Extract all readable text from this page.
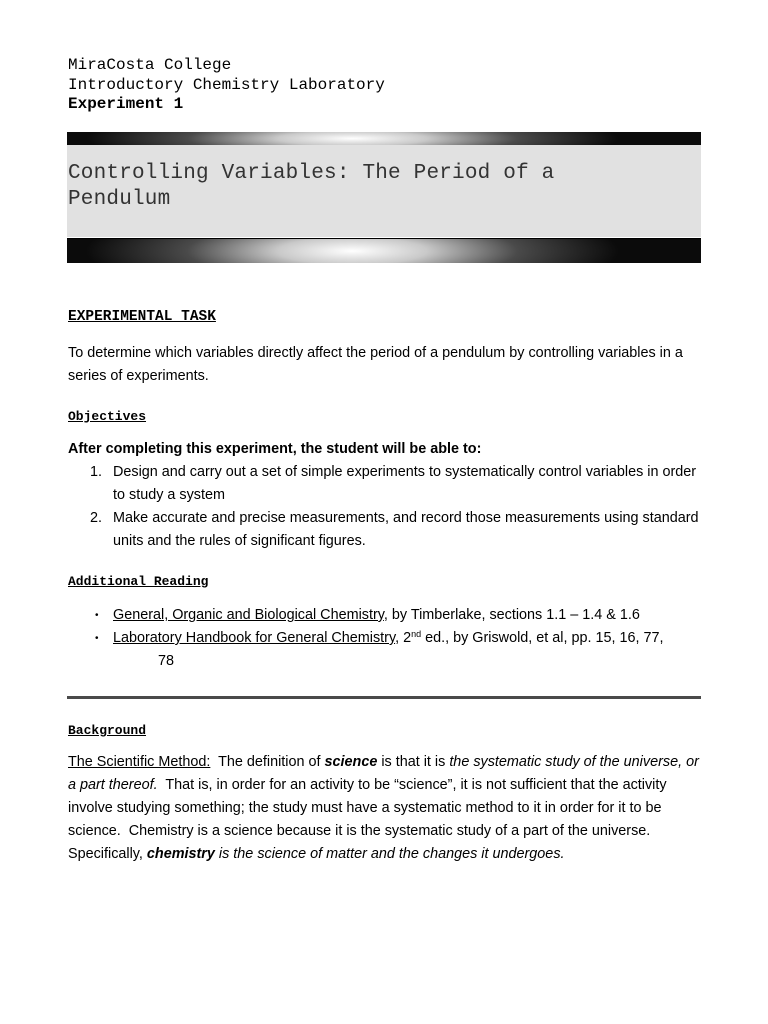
MiraCosta College
Introductory Chemistry Laboratory
Experiment 1
Controlling Variables: The Period of a
Pendulum
EXPERIMENTAL TASK
To determine which variables directly affect the period of a pendulum by controlling variables in a series of experiments.
Objectives
After completing this experiment, the student will be able to:
1. Design and carry out a set of simple experiments to systematically control variables in order to study a system
2. Make accurate and precise measurements, and record those measurements using standard units and the rules of significant figures.
Additional Reading
• General, Organic and Biological Chemistry, by Timberlake, sections 1.1 – 1.4 & 1.6
• Laboratory Handbook for General Chemistry, 2nd ed., by Griswold, et al, pp. 15, 16, 77,
78
Background
The Scientific Method:  The definition of science is that it is the systematic study of the universe, or a part thereof.  That is, in order for an activity to be “science”, it is not sufficient that the activity involve studying something; the study must have a systematic method to it in order for it to be science.  Chemistry is a science because it is the systematic study of a part of the universe.  Specifically, chemistry is the science of matter and the changes it undergoes.
